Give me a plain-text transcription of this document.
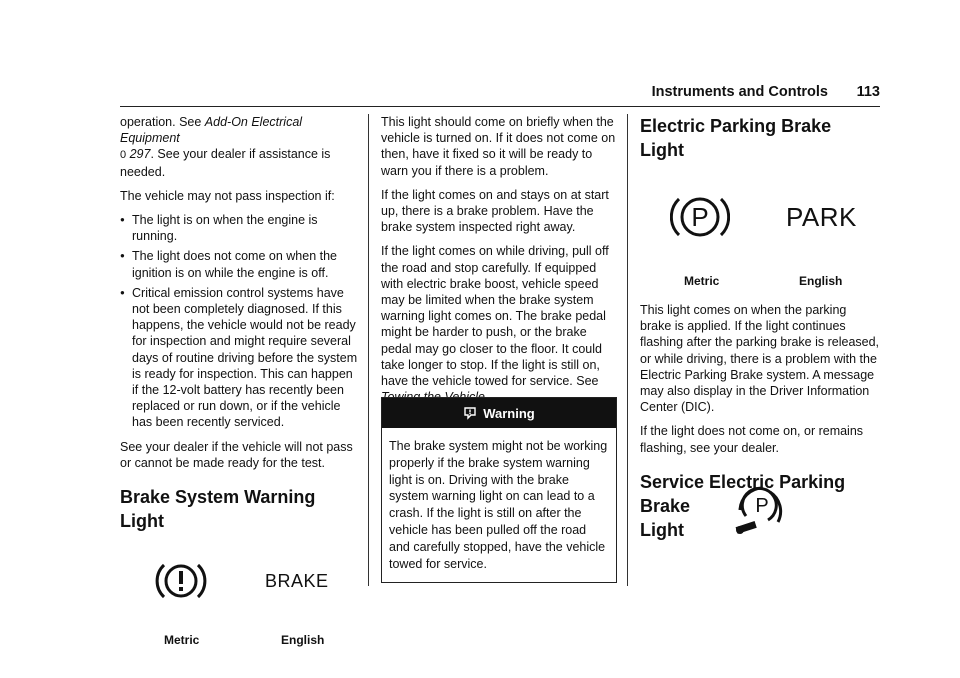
Instruments and Controls 113

operation. See Add-On Electrical Equipment
0 297. See your dealer if assistance is needed.

The vehicle may not pass inspection if:

● The light is on when the engine is running.
● The light does not come on when the ignition is on while the engine is off.
● Critical emission control systems have not been completely diagnosed. If this happens, the vehicle would not be ready for inspection and might require several days of routine driving before the system is ready for inspection. This can happen if the 12-volt battery has recently been replaced or run down, or if the vehicle has been recently serviced.

See your dealer if the vehicle will not pass or cannot be made ready for the test.

Brake System Warning Light
BRAKE
Metric	English

This light should come on briefly when the vehicle is turned on. If it does not come on then, have it fixed so it will be ready to warn you if there is a problem.

If the light comes on and stays on at start up, there is a brake problem. Have the brake system inspected right away.

If the light comes on while driving, pull off the road and stop carefully. If equipped with electric brake boost, vehicle speed may be limited when the brake system warning light comes on. The brake pedal might be harder to push, or the brake pedal may go closer to the floor. It could take longer to stop. If the light is still on, have the vehicle towed for service. See

Warning
The brake system might not be working properly if the brake system warning light is on. Driving with the brake system warning light on can lead to a crash. If the light is still on after the vehicle has been pulled off the road and carefully stopped, have the vehicle towed for service.
Electric Parking Brake Light
P	PARK
Metric	English

This light comes on when the parking brake is applied. If the light continues flashing after the parking brake is released, or while driving, there is a problem with the Electric Parking Brake system. A message may also display in the Driver Information Center (DIC).

If the light does not come on, or remains flashing, see your dealer.

Service Electric Parking Brake
Light
P
